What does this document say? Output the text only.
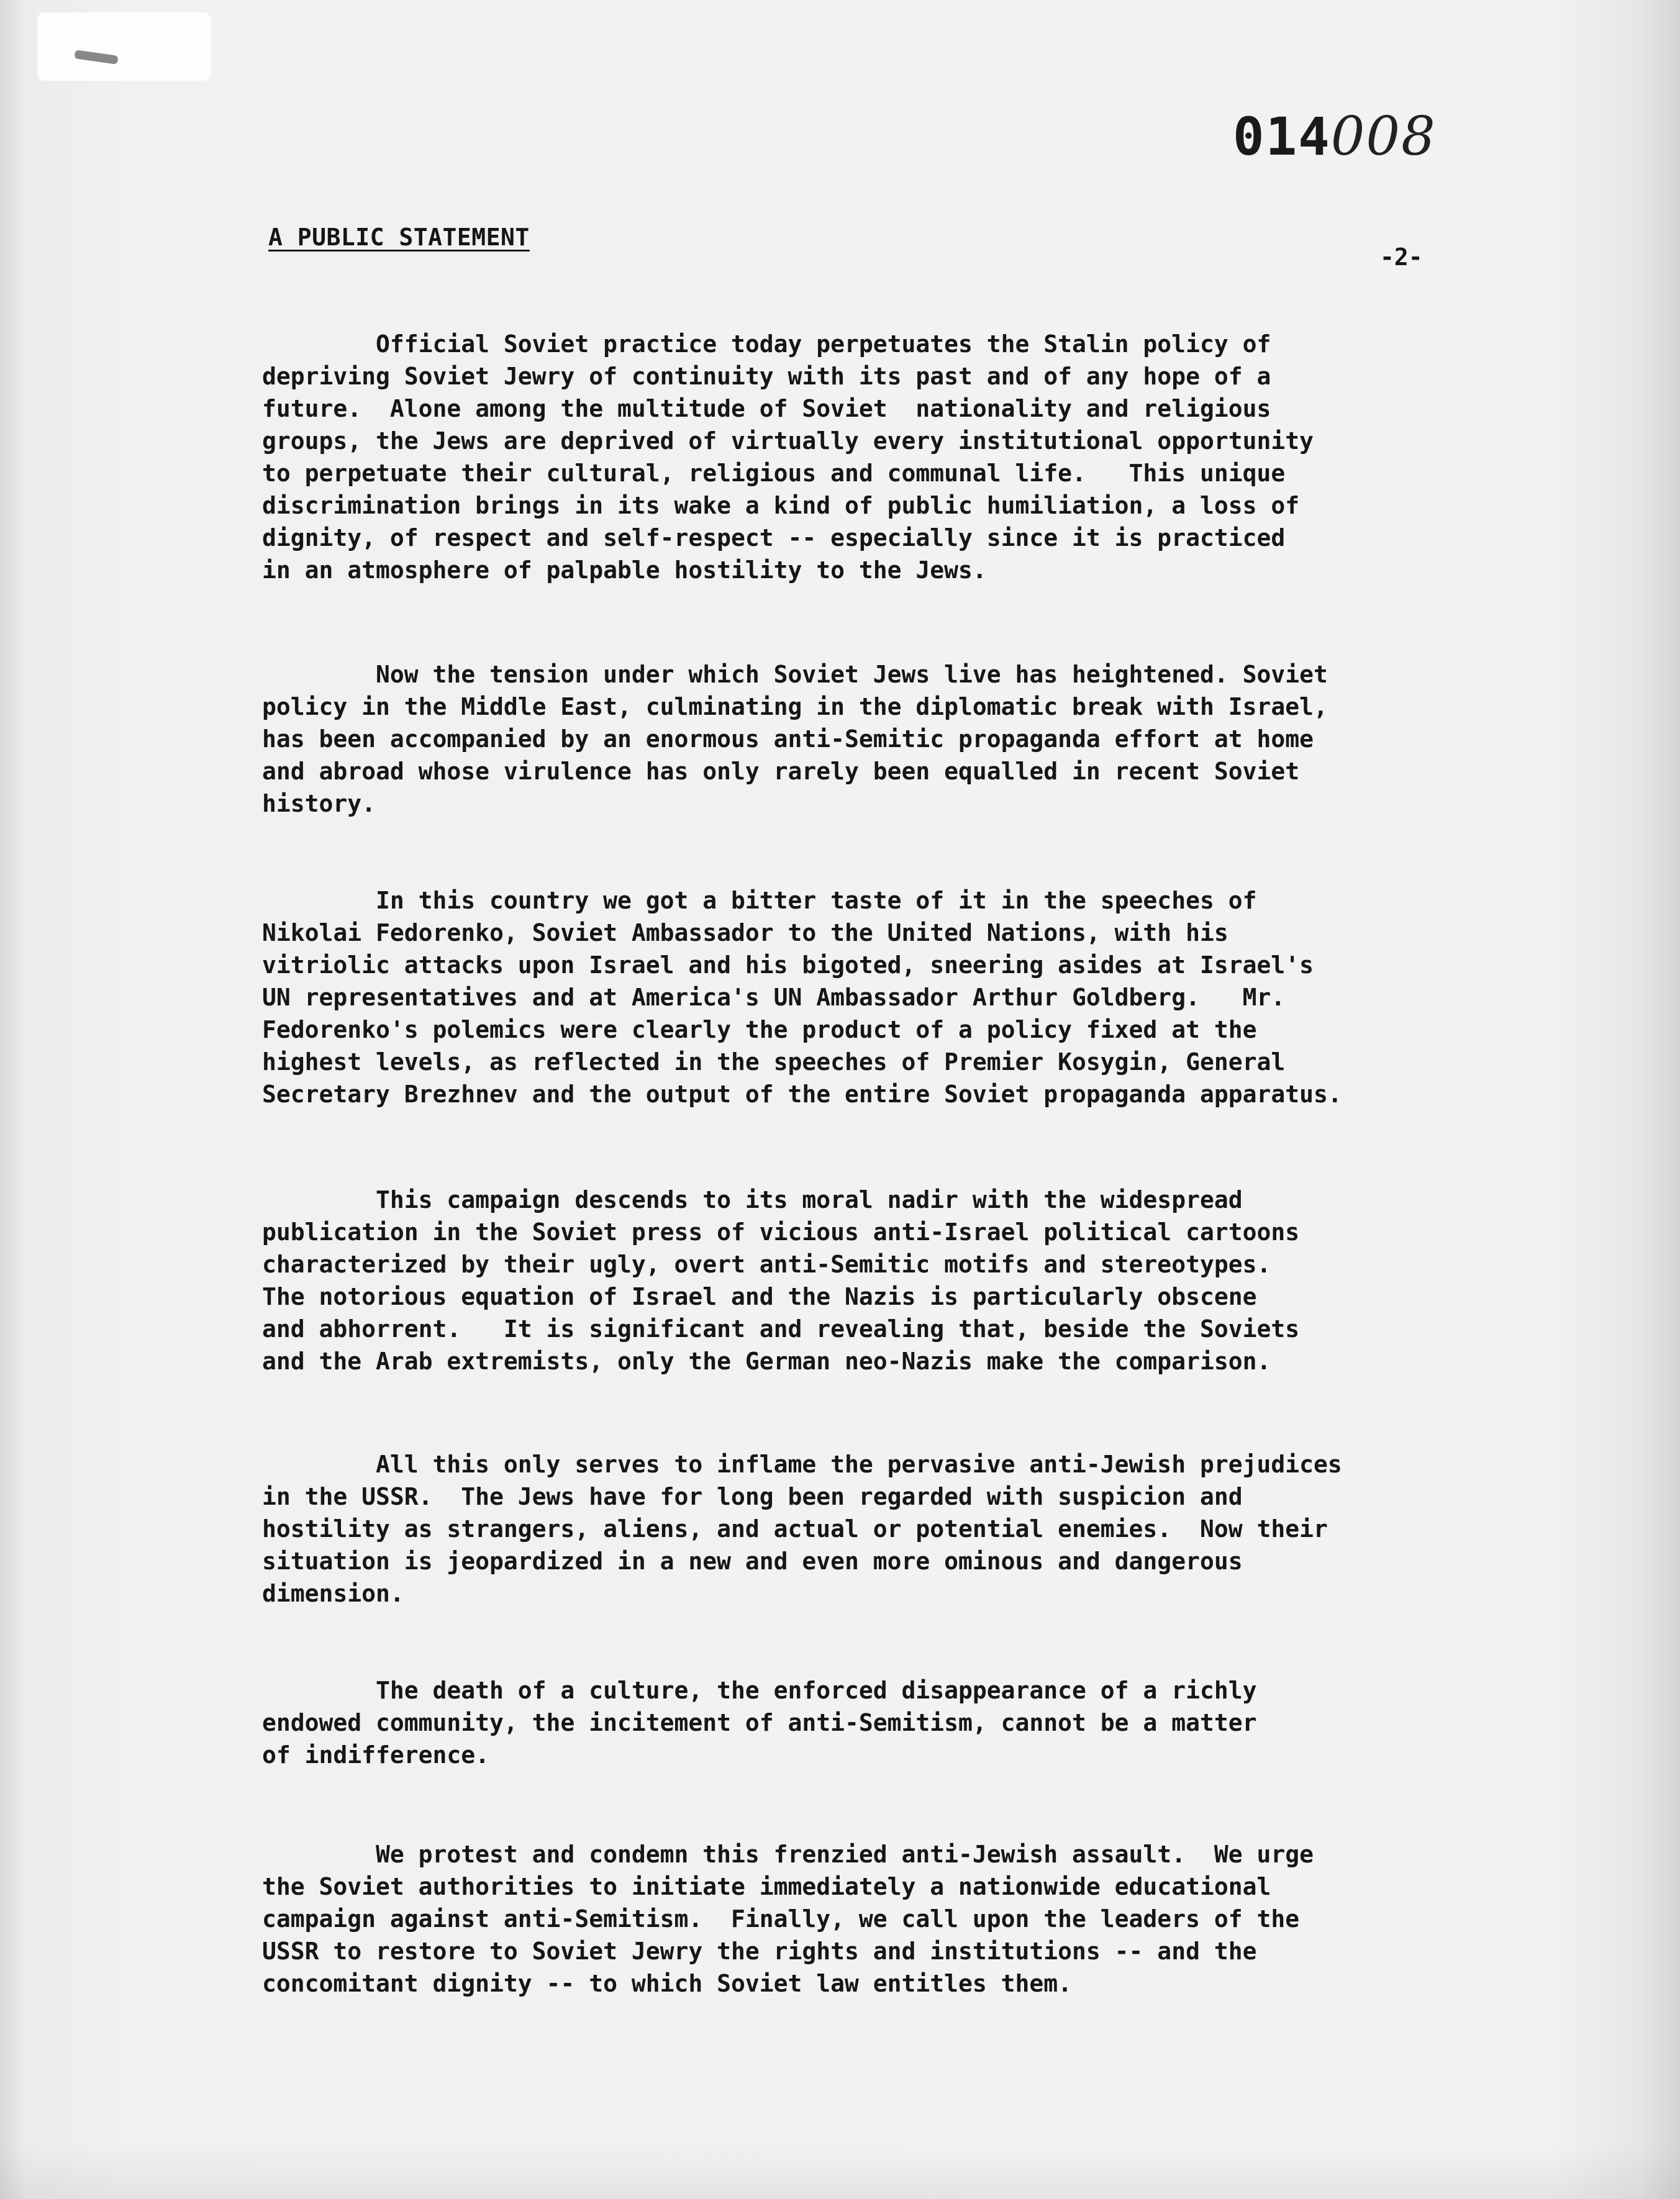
014008
A PUBLIC STATEMENT
-2-

Official Soviet practice today perpetuates the Stalin policy of
depriving Soviet Jewry of continuity with its past and of any hope of a
future.  Alone among the multitude of Soviet  nationality and religious
groups, the Jews are deprived of virtually every institutional opportunity
to perpetuate their cultural, religious and communal life.   This unique
discrimination brings in its wake a kind of public humiliation, a loss of
dignity, of respect and self-respect -- especially since it is practiced
in an atmosphere of palpable hostility to the Jews.

Now the tension under which Soviet Jews live has heightened. Soviet
policy in the Middle East, culminating in the diplomatic break with Israel,
has been accompanied by an enormous anti-Semitic propaganda effort at home
and abroad whose virulence has only rarely been equalled in recent Soviet
history.

In this country we got a bitter taste of it in the speeches of
Nikolai Fedorenko, Soviet Ambassador to the United Nations, with his
vitriolic attacks upon Israel and his bigoted, sneering asides at Israel's
UN representatives and at America's UN Ambassador Arthur Goldberg.   Mr.
Fedorenko's polemics were clearly the product of a policy fixed at the
highest levels, as reflected in the speeches of Premier Kosygin, General
Secretary Brezhnev and the output of the entire Soviet propaganda apparatus.

This campaign descends to its moral nadir with the widespread
publication in the Soviet press of vicious anti-Israel political cartoons
characterized by their ugly, overt anti-Semitic motifs and stereotypes.
The notorious equation of Israel and the Nazis is particularly obscene
and abhorrent.   It is significant and revealing that, beside the Soviets
and the Arab extremists, only the German neo-Nazis make the comparison.

All this only serves to inflame the pervasive anti-Jewish prejudices
in the USSR.  The Jews have for long been regarded with suspicion and
hostility as strangers, aliens, and actual or potential enemies.  Now their
situation is jeopardized in a new and even more ominous and dangerous
dimension.

The death of a culture, the enforced disappearance of a richly
endowed community, the incitement of anti-Semitism, cannot be a matter
of indifference.

We protest and condemn this frenzied anti-Jewish assault.  We urge
the Soviet authorities to initiate immediately a nationwide educational
campaign against anti-Semitism.  Finally, we call upon the leaders of the
USSR to restore to Soviet Jewry the rights and institutions -- and the
concomitant dignity -- to which Soviet law entitles them.
